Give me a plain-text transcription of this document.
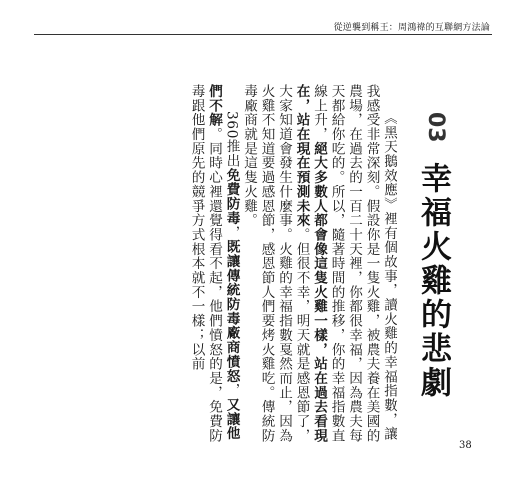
從逆襲到稱王：周鴻禕的互聯網方法論
03
幸福火雞的悲劇

《黑天鵝效應》裡有個故事，讀火雞的幸福指數，讓我感受非常深刻。假設你是一隻火雞，被農夫養在美國的農場，在過去的一百二十天裡，你都很幸福，因為農夫每天都給你吃的。所以，隨著時間的推移，你的幸福指數直線上升，絕大多數人都會像這隻火雞一樣，站在過去看現在，站在現在預測未來。但很不幸，明天就是感恩節了，大家知道會發生什麼事。火雞的幸福指數戛然而止，因為火雞不知道要過感恩節，感恩節人們要烤火雞吃。傳統防毒廠商就是這隻火雞。

360推出免費防毒，既讓傳統防毒廠商憤怒，又讓他們不解。同時心裡還覺得看不起，他們憤怒的是，免費防毒跟他們原先的競爭方式根本就不一樣；以前

38
